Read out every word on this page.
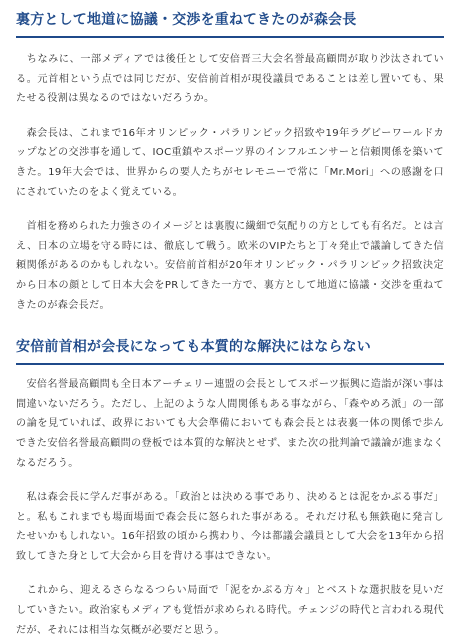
裏方として地道に協議・交渉を重ねてきたのが森会長

　ちなみに、一部メディアでは後任として安倍晋三大会名誉最高顧問が取り沙汰されている。元首相という点では同じだが、安倍前首相が現役議員であることは差し置いても、果たせる役割は異なるのではないだろうか。

　森会長は、これまで16年オリンピック・パラリンピック招致や19年ラグビーワールドカップなどの交渉事を通して、IOC重鎮やスポーツ界のインフルエンサーと信頼関係を築いてきた。19年大会では、世界からの要人たちがセレモニーで常に「Mr.Mori」への感謝を口にされていたのをよく覚えている。

　首相を務められた力強さのイメージとは裏腹に繊細で気配りの方としても有名だ。とは言え、日本の立場を守る時には、徹底して戦う。欧米のVIPたちと丁々発止で議論してきた信頼関係があるのかもしれない。安倍前首相が20年オリンピック・パラリンピック招致決定から日本の顔として日本大会をPRしてきた一方で、裏方として地道に協議・交渉を重ねてきたのが森会長だ。

安倍前首相が会長になっても本質的な解決にはならない

　安倍名誉最高顧問も全日本アーチェリー連盟の会長としてスポーツ振興に造詣が深い事は間違いないだろう。ただし、上記のような人間関係もある事ながら、「森やめろ派」の一部の論を見ていれば、政界においても大会準備においても森会長とは表裏一体の関係で歩んできた安倍名誉最高顧問の登板では本質的な解決とせず、また次の批判論で議論が進まなくなるだろう。

　私は森会長に学んだ事がある。「政治とは決める事であり、決めるとは泥をかぶる事だ」と。私もこれまでも場面場面で森会長に怒られた事がある。それだけ私も無鉄砲に発言したせいかもしれない。16年招致の頃から携わり、今は都議会議員として大会を13年から招致してきた身として大会から目を背ける事はできない。

　これから、迎えるさらなるつらい局面で「泥をかぶる方々」とベストな選択肢を見いだしていきたい。政治家もメディアも覚悟が求められる時代。チェンジの時代と言われる現代だが、それには相当な気概が必要だと思う。
